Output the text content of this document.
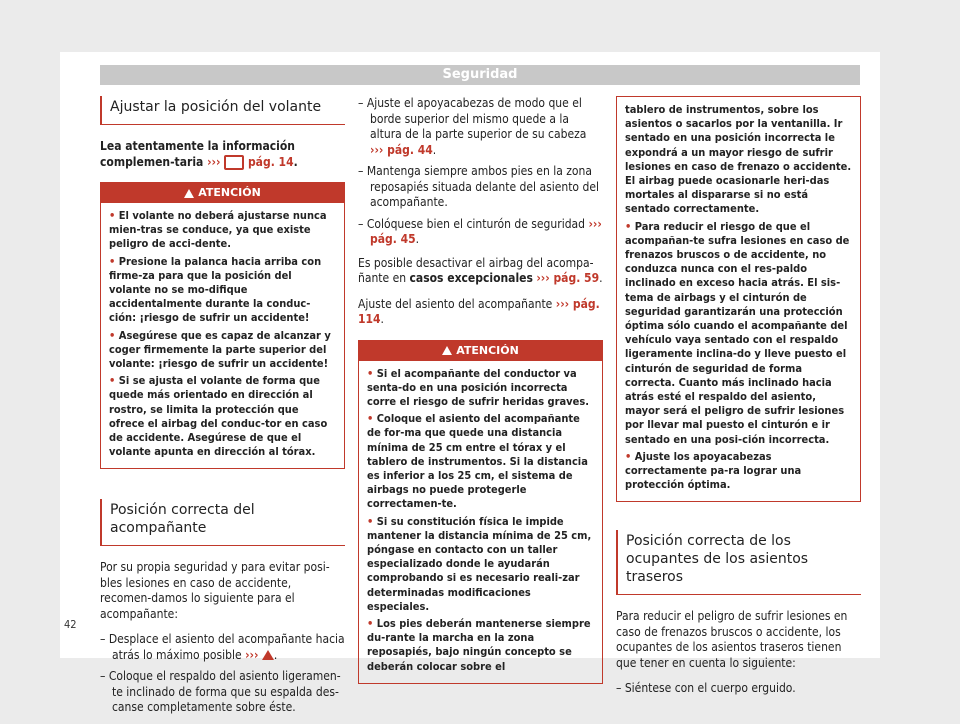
Seguridad
Ajustar la posición del volante

Lea atentamente la información complemen-taria ››› pág. 14.

ATENCIÓN
• El volante no deberá ajustarse nunca mien-tras se conduce, ya que existe peligro de acci-dente.
• Presione la palanca hacia arriba con firme-za para que la posición del volante no se mo-difique accidentalmente durante la conduc-ción: ¡riesgo de sufrir un accidente!
• Asegúrese que es capaz de alcanzar y coger firmemente la parte superior del volante: ¡riesgo de sufrir un accidente!
• Si se ajusta el volante de forma que quede más orientado en dirección al rostro, se limita la protección que ofrece el airbag del conduc-tor en caso de accidente. Asegúrese de que el volante apunta en dirección al tórax.
Posición correcta del acompañante

Por su propia seguridad y para evitar posi-bles lesiones en caso de accidente, recomen-damos lo siguiente para el acompañante:

– Desplace el asiento del acompañante hacia atrás lo máximo posible ››› .
– Coloque el respaldo del asiento ligeramen-te inclinado de forma que su espalda des-canse completamente sobre éste.
– Ajuste el apoyacabezas de modo que el borde superior del mismo quede a la altura de la parte superior de su cabeza ››› pág. 44.
– Mantenga siempre ambos pies en la zona reposapiés situada delante del asiento del acompañante.
– Colóquese bien el cinturón de seguridad ››› pág. 45.

Es posible desactivar el airbag del acompa-ñante en casos excepcionales ››› pág. 59.

Ajuste del asiento del acompañante ››› pág. 114.

ATENCIÓN
• Si el acompañante del conductor va senta-do en una posición incorrecta corre el riesgo de sufrir heridas graves.
• Coloque el asiento del acompañante de for-ma que quede una distancia mínima de 25 cm entre el tórax y el tablero de instrumentos. Si la distancia es inferior a los 25 cm, el sistema de airbags no puede protegerle correctamen-te.
• Si su constitución física le impide mantener la distancia mínima de 25 cm, póngase en contacto con un taller especializado donde le ayudarán comprobando si es necesario reali-zar determinadas modificaciones especiales.
• Los pies deberán mantenerse siempre du-rante la marcha en la zona reposapiés, bajo ningún concepto se deberán colocar sobre el
tablero de instrumentos, sobre los asientos o sacarlos por la ventanilla. Ir sentado en una posición incorrecta le expondrá a un mayor riesgo de sufrir lesiones en caso de frenazo o accidente. El airbag puede ocasionarle heri-das mortales al dispararse si no está sentado correctamente.
• Para reducir el riesgo de que el acompañan-te sufra lesiones en caso de frenazos bruscos o de accidente, no conduzca nunca con el res-paldo inclinado en exceso hacia atrás. El sis-tema de airbags y el cinturón de seguridad garantizarán una protección óptima sólo cuando el acompañante del vehículo vaya sentado con el respaldo ligeramente inclina-do y lleve puesto el cinturón de seguridad de forma correcta. Cuanto más inclinado hacia atrás esté el respaldo del asiento, mayor será el peligro de sufrir lesiones por llevar mal puesto el cinturón e ir sentado en una posi-ción incorrecta.
• Ajuste los apoyacabezas correctamente pa-ra lograr una protección óptima.
Posición correcta de los ocupantes de los asientos traseros

Para reducir el peligro de sufrir lesiones en caso de frenazos bruscos o accidente, los ocupantes de los asientos traseros tienen que tener en cuenta lo siguiente:

– Siéntese con el cuerpo erguido.
42
